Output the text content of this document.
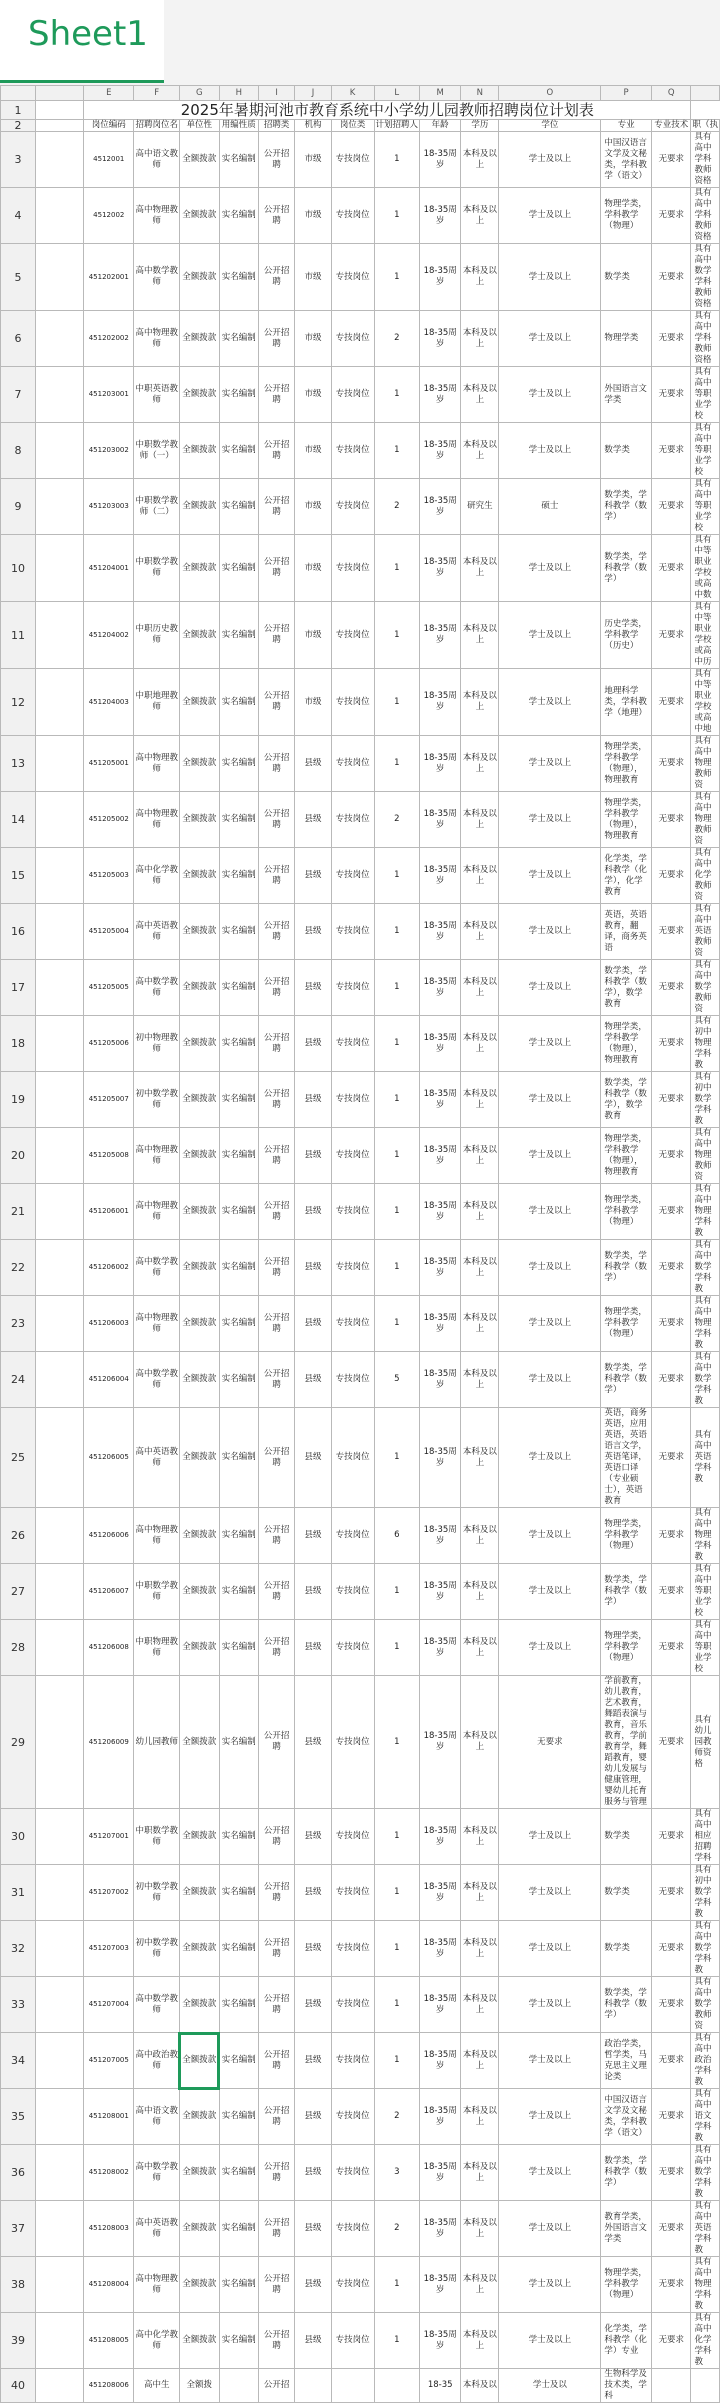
Sheet1
		E	F	G	H	I	J	K	L	M	N	O	P	Q	
1		2025年暑期河池市教育系统中小学幼儿园教师招聘岗位计划表													
2		岗位编码	招聘岗位名	单位性	用编性质	招聘类	机构	岗位类	计划招聘人	年龄	学历	学位	专业	专业技术	职（执
3		4512001	高中语文教师	全额拨款	实名编制	公开招聘	市级	专技岗位	1	18-35周岁	本科及以上	学士及以上	中国汉语言文学及文秘类，学科教学（语文）	无要求	具有高中学科教师资格
4		4512002	高中物理教师	全额拨款	实名编制	公开招聘	市级	专技岗位	1	18-35周岁	本科及以上	学士及以上	物理学类，学科教学（物理）	无要求	具有高中学科教师资格
5		451202001	高中数学教师	全额拨款	实名编制	公开招聘	市级	专技岗位	1	18-35周岁	本科及以上	学士及以上	数学类	无要求	具有高中数学学科教师资格
6		451202002	高中物理教师	全额拨款	实名编制	公开招聘	市级	专技岗位	2	18-35周岁	本科及以上	学士及以上	物理学类	无要求	具有高中学科教师资格
7		451203001	中职英语教师	全额拨款	实名编制	公开招聘	市级	专技岗位	1	18-35周岁	本科及以上	学士及以上	外国语言文学类	无要求	具有高中等职业学校
8		451203002	中职数学教师（一）	全额拨款	实名编制	公开招聘	市级	专技岗位	1	18-35周岁	本科及以上	学士及以上	数学类	无要求	具有高中等职业学校
9		451203003	中职数学教师（二）	全额拨款	实名编制	公开招聘	市级	专技岗位	2	18-35周岁	研究生	硕士	数学类，学科教学（数学）	无要求	具有高中等职业学校
10		451204001	中职数学教师	全额拨款	实名编制	公开招聘	市级	专技岗位	1	18-35周岁	本科及以上	学士及以上	数学类，学科教学（数学）	无要求	具有中等职业学校或高中数
11		451204002	中职历史教师	全额拨款	实名编制	公开招聘	市级	专技岗位	1	18-35周岁	本科及以上	学士及以上	历史学类，学科教学（历史）	无要求	具有中等职业学校或高中历
12		451204003	中职地理教师	全额拨款	实名编制	公开招聘	市级	专技岗位	1	18-35周岁	本科及以上	学士及以上	地理科学类，学科教学（地理）	无要求	具有中等职业学校或高中地
13		451205001	高中物理教师	全额拨款	实名编制	公开招聘	县级	专技岗位	1	18-35周岁	本科及以上	学士及以上	物理学类，学科教学（物理），物理教育	无要求	具有高中物理教师资
14		451205002	高中物理教师	全额拨款	实名编制	公开招聘	县级	专技岗位	2	18-35周岁	本科及以上	学士及以上	物理学类，学科教学（物理），物理教育	无要求	具有高中物理教师资
15		451205003	高中化学教师	全额拨款	实名编制	公开招聘	县级	专技岗位	1	18-35周岁	本科及以上	学士及以上	化学类，学科教学（化学），化学教育	无要求	具有高中化学教师资
16		451205004	高中英语教师	全额拨款	实名编制	公开招聘	县级	专技岗位	1	18-35周岁	本科及以上	学士及以上	英语，英语教育，翻译，商务英语	无要求	具有高中英语教师资
17		451205005	高中数学教师	全额拨款	实名编制	公开招聘	县级	专技岗位	1	18-35周岁	本科及以上	学士及以上	数学类，学科教学（数学），数学教育	无要求	具有高中数学教师资
18		451205006	初中物理教师	全额拨款	实名编制	公开招聘	县级	专技岗位	1	18-35周岁	本科及以上	学士及以上	物理学类，学科教学（物理），物理教育	无要求	具有初中物理学科教
19		451205007	初中数学教师	全额拨款	实名编制	公开招聘	县级	专技岗位	1	18-35周岁	本科及以上	学士及以上	数学类，学科教学（数学），数学教育	无要求	具有初中数学学科教
20		451205008	高中物理教师	全额拨款	实名编制	公开招聘	县级	专技岗位	1	18-35周岁	本科及以上	学士及以上	物理学类，学科教学（物理），物理教育	无要求	具有高中物理教师资
21		451206001	高中物理教师	全额拨款	实名编制	公开招聘	县级	专技岗位	1	18-35周岁	本科及以上	学士及以上	物理学类，学科教学（物理）	无要求	具有高中物理学科教
22		451206002	高中数学教师	全额拨款	实名编制	公开招聘	县级	专技岗位	1	18-35周岁	本科及以上	学士及以上	数学类，学科教学（数学）	无要求	具有高中数学学科教
23		451206003	高中物理教师	全额拨款	实名编制	公开招聘	县级	专技岗位	1	18-35周岁	本科及以上	学士及以上	物理学类，学科教学（物理）	无要求	具有高中物理学科教
24		451206004	高中数学教师	全额拨款	实名编制	公开招聘	县级	专技岗位	5	18-35周岁	本科及以上	学士及以上	数学类，学科教学（数学）	无要求	具有高中数学学科教
25		451206005	高中英语教师	全额拨款	实名编制	公开招聘	县级	专技岗位	1	18-35周岁	本科及以上	学士及以上	英语，商务英语，应用英语，英语语言文学，英语笔译，英语口译（专业硕士），英语教育	无要求	具有高中英语学科教
26		451206006	高中物理教师	全额拨款	实名编制	公开招聘	县级	专技岗位	6	18-35周岁	本科及以上	学士及以上	物理学类，学科教学（物理）	无要求	具有高中物理学科教
27		451206007	中职数学教师	全额拨款	实名编制	公开招聘	县级	专技岗位	1	18-35周岁	本科及以上	学士及以上	数学类，学科教学（数学）	无要求	具有高中等职业学校
28		451206008	中职物理教师	全额拨款	实名编制	公开招聘	县级	专技岗位	1	18-35周岁	本科及以上	学士及以上	物理学类，学科教学（物理）	无要求	具有高中等职业学校
29		451206009	幼儿园教师	全额拨款	实名编制	公开招聘	县级	专技岗位	1	18-35周岁	本科及以上	无要求	学前教育，幼儿教育，艺术教育，舞蹈表演与教育，音乐教育，学前教育学，舞蹈教育，婴幼儿发展与健康管理，婴幼儿托育服务与管理	无要求	具有幼儿园教师资格
30		451207001	中职数学教师	全额拨款	实名编制	公开招聘	县级	专技岗位	1	18-35周岁	本科及以上	学士及以上	数学类	无要求	具有高中相应招聘学科
31		451207002	初中数学教师	全额拨款	实名编制	公开招聘	县级	专技岗位	1	18-35周岁	本科及以上	学士及以上	数学类	无要求	具有初中数学学科教
32		451207003	初中数学教师	全额拨款	实名编制	公开招聘	县级	专技岗位	1	18-35周岁	本科及以上	学士及以上	数学类	无要求	具有高中数学学科教
33		451207004	高中数学教师	全额拨款	实名编制	公开招聘	县级	专技岗位	1	18-35周岁	本科及以上	学士及以上	数学类，学科教学（数学）	无要求	具有高中数学教师资
34		451207005	高中政治教师	全额拨款	实名编制	公开招聘	县级	专技岗位	1	18-35周岁	本科及以上	学士及以上	政治学类，哲学类，马克思主义理论类	无要求	具有高中政治学科教
35		451208001	高中语文教师	全额拨款	实名编制	公开招聘	县级	专技岗位	2	18-35周岁	本科及以上	学士及以上	中国汉语言文学及文秘类，学科教学（语文）	无要求	具有高中语文学科教
36		451208002	高中数学教师	全额拨款	实名编制	公开招聘	县级	专技岗位	3	18-35周岁	本科及以上	学士及以上	数学类，学科教学（数学）	无要求	具有高中数学学科教
37		451208003	高中英语教师	全额拨款	实名编制	公开招聘	县级	专技岗位	2	18-35周岁	本科及以上	学士及以上	教育学类，外国语言文学类	无要求	具有高中英语学科教
38		451208004	高中物理教师	全额拨款	实名编制	公开招聘	县级	专技岗位	1	18-35周岁	本科及以上	学士及以上	物理学类，学科教学（物理）	无要求	具有高中物理学科教
39		451208005	高中化学教师	全额拨款	实名编制	公开招聘	县级	专技岗位	1	18-35周岁	本科及以上	学士及以上	化学类，学科教学（化学）专业	无要求	具有高中化学学科教
40		451208006	高中生	全额拨		公开招				18-35	本科及以	学士及以	生物科学及技术类，学科		
